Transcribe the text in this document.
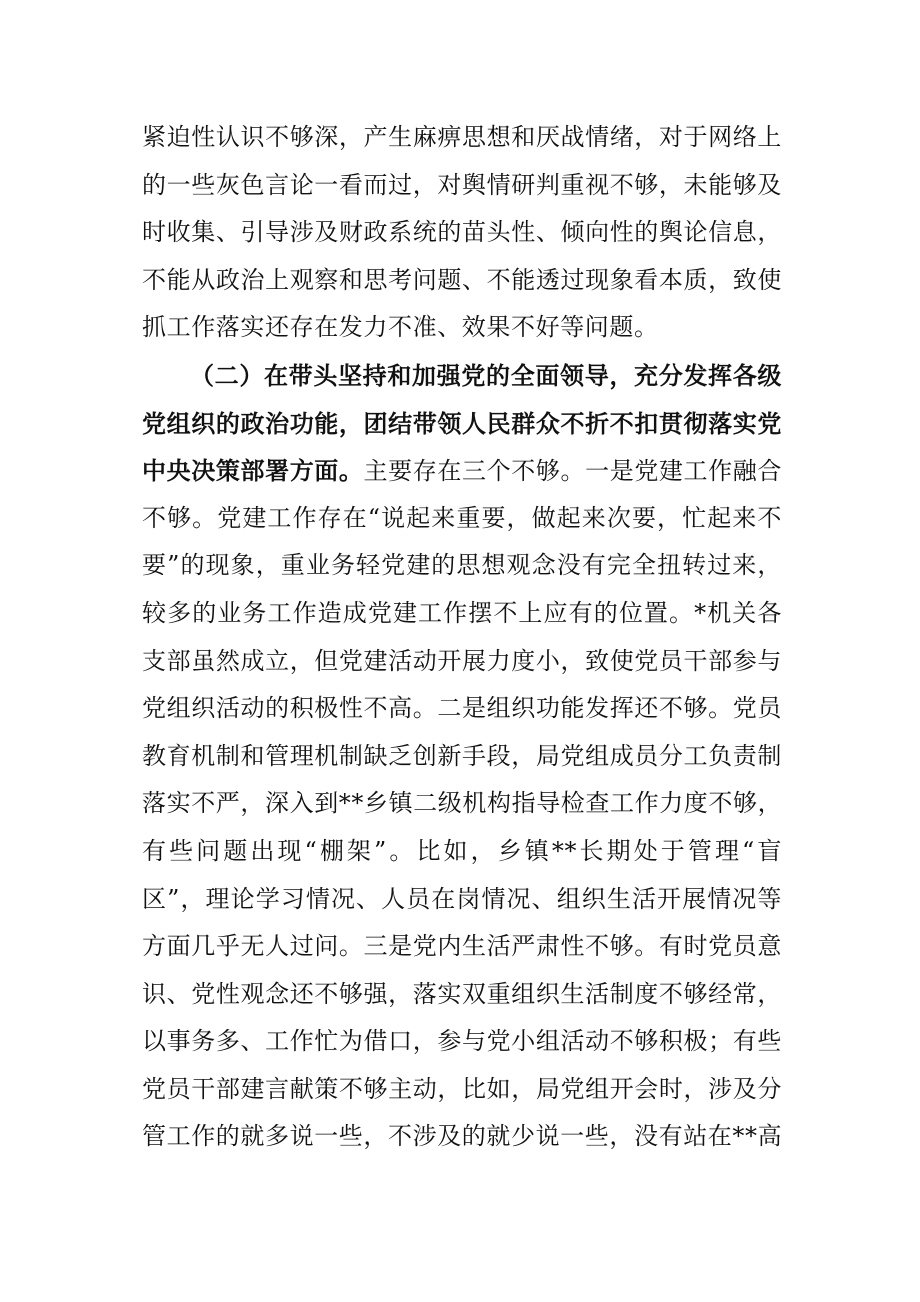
紧迫性认识不够深，产生麻痹思想和厌战情绪，对于网络上
的一些灰色言论一看而过，对舆情研判重视不够，未能够及
时收集、引导涉及财政系统的苗头性、倾向性的舆论信息，
不能从政治上观察和思考问题、不能透过现象看本质，致使
抓工作落实还存在发力不准、效果不好等问题。
（二）在带头坚持和加强党的全面领导，充分发挥各级
党组织的政治功能，团结带领人民群众不折不扣贯彻落实党
中央决策部署方面。主要存在三个不够。一是党建工作融合
不够。党建工作存在“说起来重要，做起来次要，忙起来不
要”的现象，重业务轻党建的思想观念没有完全扭转过来，
较多的业务工作造成党建工作摆不上应有的位置。*机关各
支部虽然成立，但党建活动开展力度小，致使党员干部参与
党组织活动的积极性不高。二是组织功能发挥还不够。党员
教育机制和管理机制缺乏创新手段，局党组成员分工负责制
落实不严，深入到**乡镇二级机构指导检查工作力度不够，
有些问题出现“棚架”。比如，乡镇**长期处于管理“盲
区”，理论学习情况、人员在岗情况、组织生活开展情况等
方面几乎无人过问。三是党内生活严肃性不够。有时党员意
识、党性观念还不够强，落实双重组织生活制度不够经常，
以事务多、工作忙为借口，参与党小组活动不够积极；有些
党员干部建言献策不够主动，比如，局党组开会时，涉及分
管工作的就多说一些，不涉及的就少说一些，没有站在**高
